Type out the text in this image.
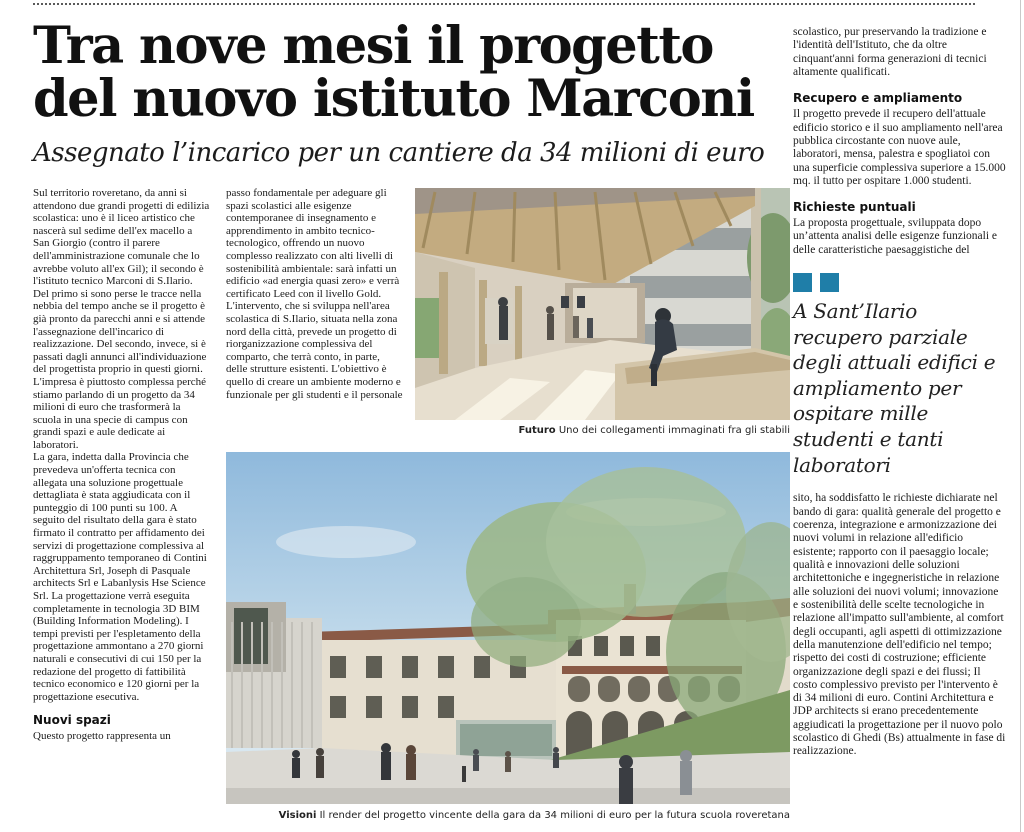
Tra nove mesi il progetto
del nuovo istituto Marconi
Assegnato l’incarico per un cantiere da 34 milioni di euro

Sul territorio roveretano, da anni si attendono due grandi progetti di edilizia scolastica: uno è il liceo artistico che nascerà sul sedime dell'ex macello a San Giorgio (contro il parere dell'amministrazione comunale che lo avrebbe voluto all'ex Gil); il secondo è l'istituto tecnico Marconi di S.Ilario. Del primo si sono perse le tracce nella nebbia del tempo anche se il progetto è già pronto da parecchi anni e si attende l'assegnazione dell'incarico di realizzazione. Del secondo, invece, si è passati dagli annunci all'individuazione del progettista proprio in questi giorni. L'impresa è piuttosto complessa perché stiamo parlando di un progetto da 34 milioni di euro che trasformerà la scuola in una specie di campus con grandi spazi e aule dedicate ai laboratori.

La gara, indetta dalla Provincia che prevedeva un'offerta tecnica con allegata una soluzione progettuale dettagliata è stata aggiudicata con il punteggio di 100 punti su 100. A seguito del risultato della gara è stato firmato il contratto per affidamento dei servizi di progettazione complessiva al raggruppamento temporaneo di Contini Architettura Srl, Joseph di Pasquale architects Srl e Labanlysis Hse Science Srl. La progettazione verrà eseguita completamente in tecnologia 3D BIM (Building Information Modeling). I tempi previsti per l'espletamento della progettazione ammontano a 270 giorni naturali e consecutivi di cui 150 per la redazione del progetto di fattibilità tecnico economico e 120 giorni per la progettazione esecutiva.

Nuovi spazi

Questo progetto rappresenta un

passo fondamentale per adeguare gli spazi scolastici alle esigenze contemporanee di insegnamento e apprendimento in ambito tecnico-tecnologico, offrendo un nuovo complesso realizzato con alti livelli di sostenibilità ambientale: sarà infatti un edificio «ad energia quasi zero» e verrà certificato Leed con il livello Gold.

L'intervento, che si sviluppa nell'area scolastica di S.Ilario, situata nella zona nord della città, prevede un progetto di riorganizzazione complessiva del comparto, che terrà conto, in parte, delle strutture esistenti. L'obiettivo è quello di creare un ambiente moderno e funzionale per gli studenti e il personale

Futuro Uno dei collegamenti immaginati fra gli stabili
Visioni Il render del progetto vincente della gara da 34 milioni di euro per la futura scuola roveretana

scolastico, pur preservando la tradizione e l'identità dell'Istituto, che da oltre cinquant'anni forma generazioni di tecnici altamente qualificati.

Recupero e ampliamento

Il progetto prevede il recupero dell'attuale edificio storico e il suo ampliamento nell'area pubblica circostante con nuove aule, laboratori, mensa, palestra e spogliatoi con una superficie complessiva superiore a 15.000 mq. il tutto per ospitare 1.000 studenti.

Richieste puntuali

La proposta progettuale, sviluppata dopo un’attenta analisi delle esigenze funzionali e delle caratteristiche paesaggistiche del

A Sant’Ilario recupero parziale degli attuali edifici e ampliamento per ospitare mille studenti e tanti laboratori

sito, ha soddisfatto le richieste dichiarate nel bando di gara: qualità generale del progetto e coerenza, integrazione e armonizzazione dei nuovi volumi in relazione all'edificio esistente; rapporto con il paesaggio locale; qualità e innovazioni delle soluzioni architettoniche e ingegneristiche in relazione alle soluzioni dei nuovi volumi; innovazione e sostenibilità delle scelte tecnologiche in relazione all'impatto sull'ambiente, al comfort degli occupanti, agli aspetti di ottimizzazione della manutenzione dell'edificio nel tempo; rispetto dei costi di costruzione; efficiente organizzazione degli spazi e dei flussi; Il costo complessivo previsto per l'intervento è di 34 milioni di euro. Contini Architettura e JDP architects si erano precedentemente aggiudicati la progettazione per il nuovo polo scolastico di Ghedi (Bs) attualmente in fase di realizzazione.
